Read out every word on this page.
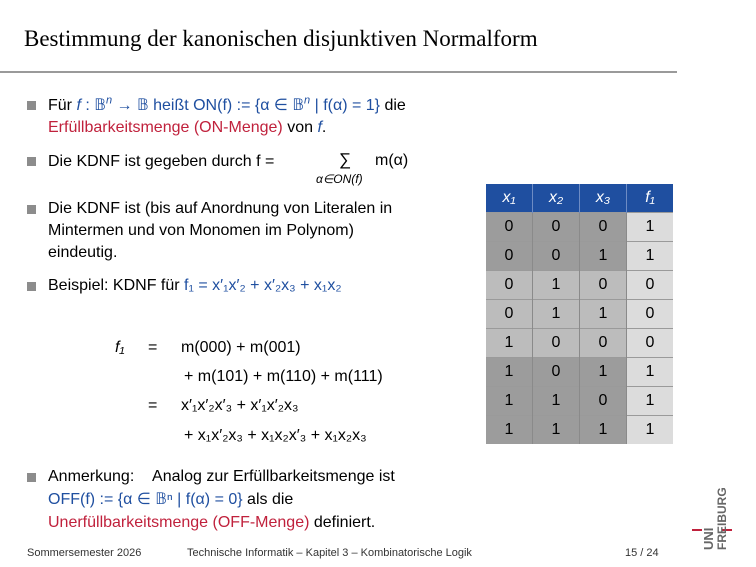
Bestimmung der kanonischen disjunktiven Normalform
Für f : 𝔹$^n$ → 𝔹 heißt ON(f) := {α ∈ 𝔹$^n$ | f(α) = 1} die
Erfüllbarkeitsmenge (ON-Menge) von f.
Die KDNF ist gegeben durch f =	∑ m(α)
α∈ON(f)
Die KDNF ist (bis auf Anordnung von Literalen in
Mintermen und von Monomen im Polynom)
eindeutig.
Beispiel: KDNF für f₁ = x′₁x′₂ + x′₂x₃ + x₁x₂
f₁ = m(000) + m(001)
+ m(101) + m(110) + m(111)
= x′₁x′₂x′₃ + x′₁x′₂x₃
+ x₁x′₂x₃ + x₁x₂x′₃ + x₁x₂x₃
Anmerkung: Analog zur Erfüllbarkeitsmenge ist
OFF(f) := {α ∈ 𝔹ⁿ | f(α) = 0} als die
Unerfüllbarkeitsmenge (OFF-Menge) definiert.
x₁	x₂	x₃	f₁
0	0	0	1
0	0	1	1
0	1	0	0
0	1	1	0
1	0	0	0
1	0	1	1
1	1	0	1
1	1	1	1
UNI FREIBURG
Sommersemester 2026	Technische Informatik – Kapitel 3 – Kombinatorische Logik	15 / 24
